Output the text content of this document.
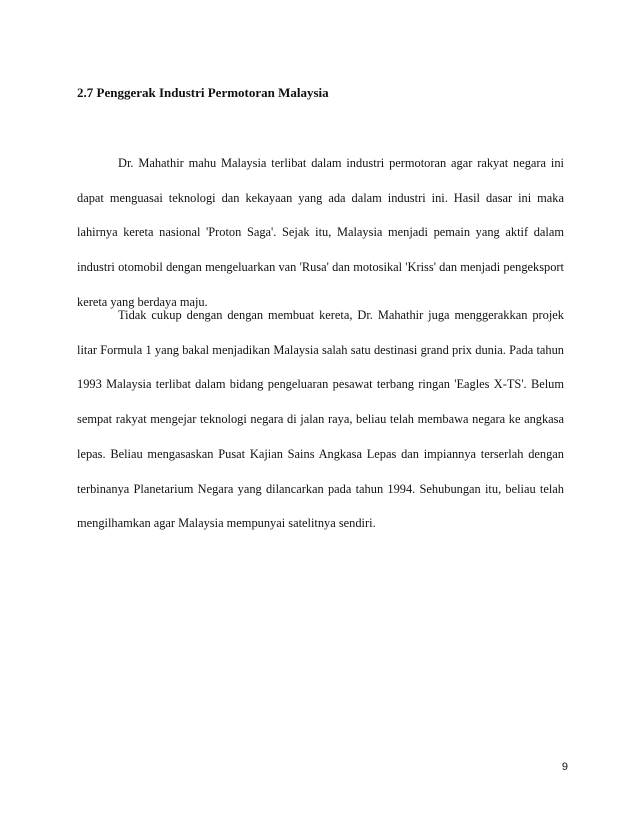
2.7 Penggerak Industri Permotoran Malaysia

Dr. Mahathir mahu Malaysia terlibat dalam industri permotoran agar rakyat negara ini dapat menguasai teknologi dan kekayaan yang ada dalam industri ini. Hasil dasar ini maka lahirnya kereta nasional 'Proton Saga'. Sejak itu, Malaysia menjadi pemain yang aktif dalam industri otomobil dengan mengeluarkan van 'Rusa' dan motosikal 'Kriss' dan menjadi pengeksport kereta yang berdaya maju.

Tidak cukup dengan dengan membuat kereta, Dr. Mahathir juga menggerakkan projek litar Formula 1 yang bakal menjadikan Malaysia salah satu destinasi grand prix dunia. Pada tahun 1993 Malaysia terlibat dalam bidang pengeluaran pesawat terbang ringan 'Eagles X-TS'. Belum sempat rakyat mengejar teknologi negara di jalan raya, beliau telah membawa negara ke angkasa lepas. Beliau mengasaskan Pusat Kajian Sains Angkasa Lepas dan impiannya terserlah dengan terbinanya Planetarium Negara yang dilancarkan pada tahun 1994. Sehubungan itu, beliau telah mengilhamkan agar Malaysia mempunyai satelitnya sendiri.

9
